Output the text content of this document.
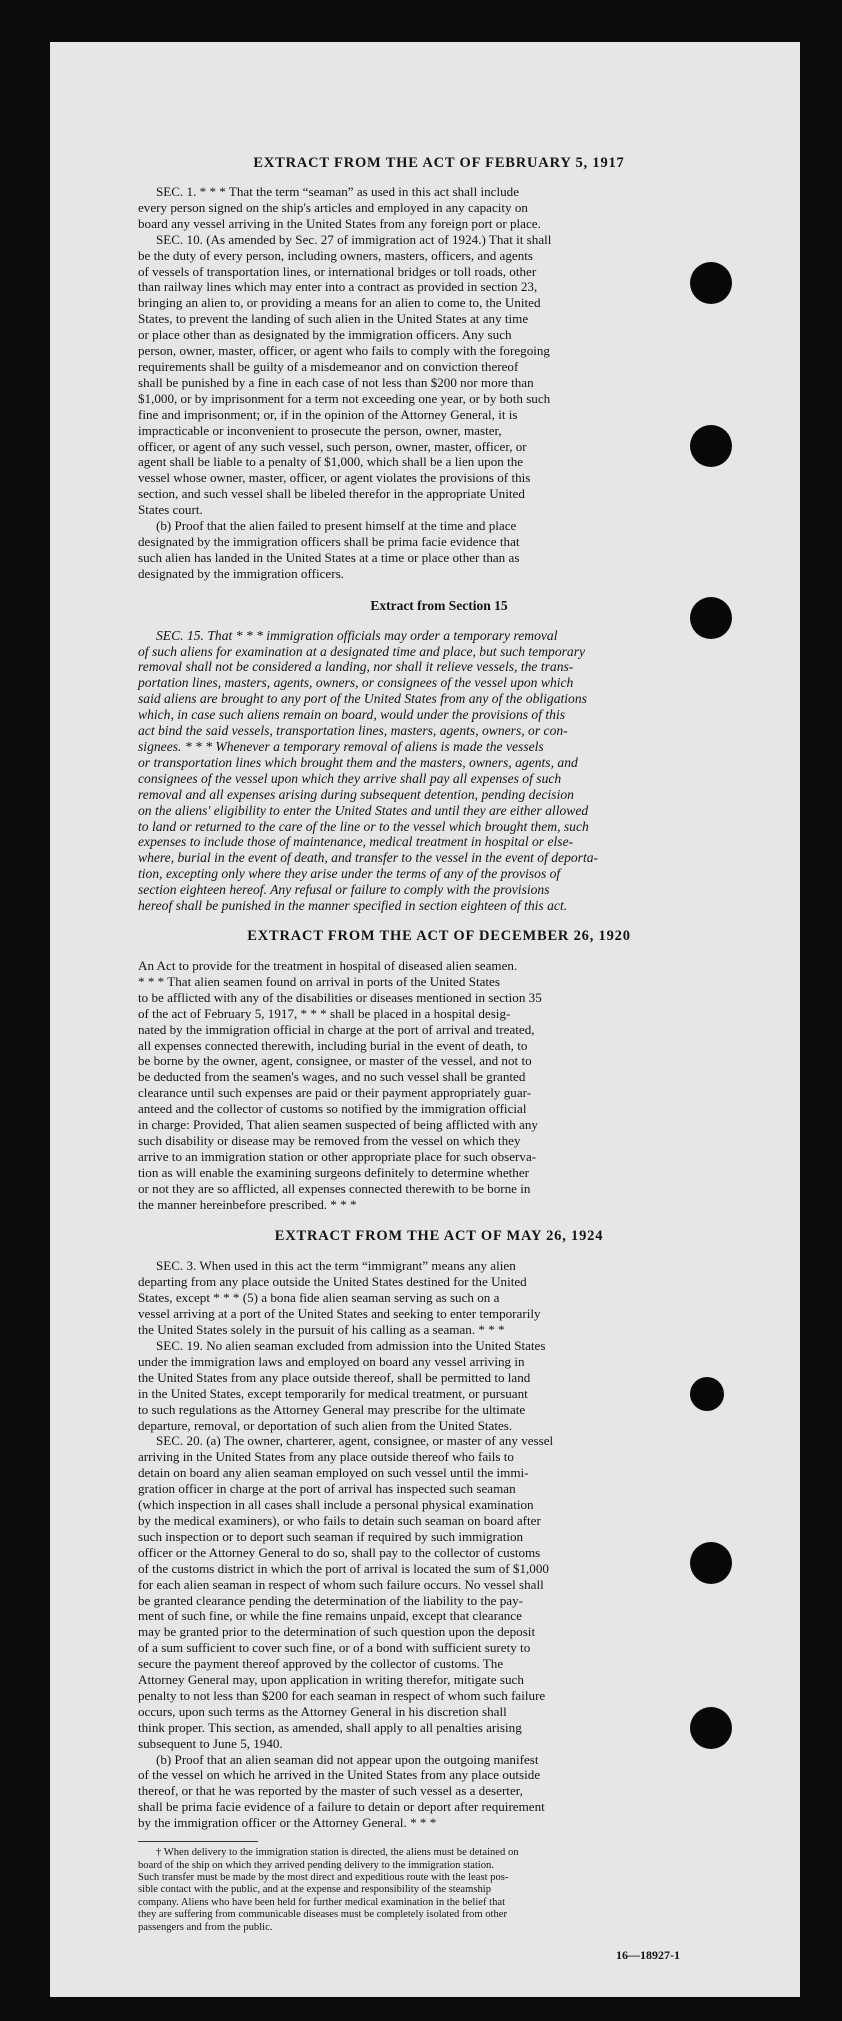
EXTRACT FROM THE ACT OF FEBRUARY 5, 1917

SEC. 1. * * * That the term “seaman” as used in this act shall include
every person signed on the ship's articles and employed in any capacity on
board any vessel arriving in the United States from any foreign port or place.

SEC. 10. (As amended by Sec. 27 of immigration act of 1924.) That it shall
be the duty of every person, including owners, masters, officers, and agents
of vessels of transportation lines, or international bridges or toll roads, other
than railway lines which may enter into a contract as provided in section 23,
bringing an alien to, or providing a means for an alien to come to, the United
States, to prevent the landing of such alien in the United States at any time
or place other than as designated by the immigration officers. Any such
person, owner, master, officer, or agent who fails to comply with the foregoing
requirements shall be guilty of a misdemeanor and on conviction thereof
shall be punished by a fine in each case of not less than $200 nor more than
$1,000, or by imprisonment for a term not exceeding one year, or by both such
fine and imprisonment; or, if in the opinion of the Attorney General, it is
impracticable or inconvenient to prosecute the person, owner, master,
officer, or agent of any such vessel, such person, owner, master, officer, or
agent shall be liable to a penalty of $1,000, which shall be a lien upon the
vessel whose owner, master, officer, or agent violates the provisions of this
section, and such vessel shall be libeled therefor in the appropriate United
States court.

(b) Proof that the alien failed to present himself at the time and place
designated by the immigration officers shall be prima facie evidence that
such alien has landed in the United States at a time or place other than as
designated by the immigration officers.

Extract from Section 15

SEC. 15. That * * * immigration officials may order a temporary removal
of such aliens for examination at a designated time and place, but such temporary
removal shall not be considered a landing, nor shall it relieve vessels, the trans-
portation lines, masters, agents, owners, or consignees of the vessel upon which
said aliens are brought to any port of the United States from any of the obligations
which, in case such aliens remain on board, would under the provisions of this
act bind the said vessels, transportation lines, masters, agents, owners, or con-
signees. * * * Whenever a temporary removal of aliens is made the vessels
or transportation lines which brought them and the masters, owners, agents, and
consignees of the vessel upon which they arrive shall pay all expenses of such
removal and all expenses arising during subsequent detention, pending decision
on the aliens' eligibility to enter the United States and until they are either allowed
to land or returned to the care of the line or to the vessel which brought them, such
expenses to include those of maintenance, medical treatment in hospital or else-
where, burial in the event of death, and transfer to the vessel in the event of deporta-
tion, excepting only where they arise under the terms of any of the provisos of
section eighteen hereof. Any refusal or failure to comply with the provisions
hereof shall be punished in the manner specified in section eighteen of this act.

EXTRACT FROM THE ACT OF DECEMBER 26, 1920

An Act to provide for the treatment in hospital of diseased alien seamen.
* * * That alien seamen found on arrival in ports of the United States
to be afflicted with any of the disabilities or diseases mentioned in section 35
of the act of February 5, 1917, * * * shall be placed in a hospital desig-
nated by the immigration official in charge at the port of arrival and treated,
all expenses connected therewith, including burial in the event of death, to
be borne by the owner, agent, consignee, or master of the vessel, and not to
be deducted from the seamen's wages, and no such vessel shall be granted
clearance until such expenses are paid or their payment appropriately guar-
anteed and the collector of customs so notified by the immigration official
in charge: Provided, That alien seamen suspected of being afflicted with any
such disability or disease may be removed from the vessel on which they
arrive to an immigration station or other appropriate place for such observa-
tion as will enable the examining surgeons definitely to determine whether
or not they are so afflicted, all expenses connected therewith to be borne in
the manner hereinbefore prescribed. * * *

EXTRACT FROM THE ACT OF MAY 26, 1924

SEC. 3. When used in this act the term “immigrant” means any alien
departing from any place outside the United States destined for the United
States, except * * * (5) a bona fide alien seaman serving as such on a
vessel arriving at a port of the United States and seeking to enter temporarily
the United States solely in the pursuit of his calling as a seaman. * * *

SEC. 19. No alien seaman excluded from admission into the United States
under the immigration laws and employed on board any vessel arriving in
the United States from any place outside thereof, shall be permitted to land
in the United States, except temporarily for medical treatment, or pursuant
to such regulations as the Attorney General may prescribe for the ultimate
departure, removal, or deportation of such alien from the United States.

SEC. 20. (a) The owner, charterer, agent, consignee, or master of any vessel
arriving in the United States from any place outside thereof who fails to
detain on board any alien seaman employed on such vessel until the immi-
gration officer in charge at the port of arrival has inspected such seaman
(which inspection in all cases shall include a personal physical examination
by the medical examiners), or who fails to detain such seaman on board after
such inspection or to deport such seaman if required by such immigration
officer or the Attorney General to do so, shall pay to the collector of customs
of the customs district in which the port of arrival is located the sum of $1,000
for each alien seaman in respect of whom such failure occurs. No vessel shall
be granted clearance pending the determination of the liability to the pay-
ment of such fine, or while the fine remains unpaid, except that clearance
may be granted prior to the determination of such question upon the deposit
of a sum sufficient to cover such fine, or of a bond with sufficient surety to
secure the payment thereof approved by the collector of customs. The
Attorney General may, upon application in writing therefor, mitigate such
penalty to not less than $200 for each seaman in respect of whom such failure
occurs, upon such terms as the Attorney General in his discretion shall
think proper. This section, as amended, shall apply to all penalties arising
subsequent to June 5, 1940.

(b) Proof that an alien seaman did not appear upon the outgoing manifest
of the vessel on which he arrived in the United States from any place outside
thereof, or that he was reported by the master of such vessel as a deserter,
shall be prima facie evidence of a failure to detain or deport after requirement
by the immigration officer or the Attorney General. * * *

† When delivery to the immigration station is directed, the aliens must be detained on
board of the ship on which they arrived pending delivery to the immigration station.
Such transfer must be made by the most direct and expeditious route with the least pos-
sible contact with the public, and at the expense and responsibility of the steamship
company. Aliens who have been held for further medical examination in the belief that
they are suffering from communicable diseases must be completely isolated from other
passengers and from the public.

16—18927-1
